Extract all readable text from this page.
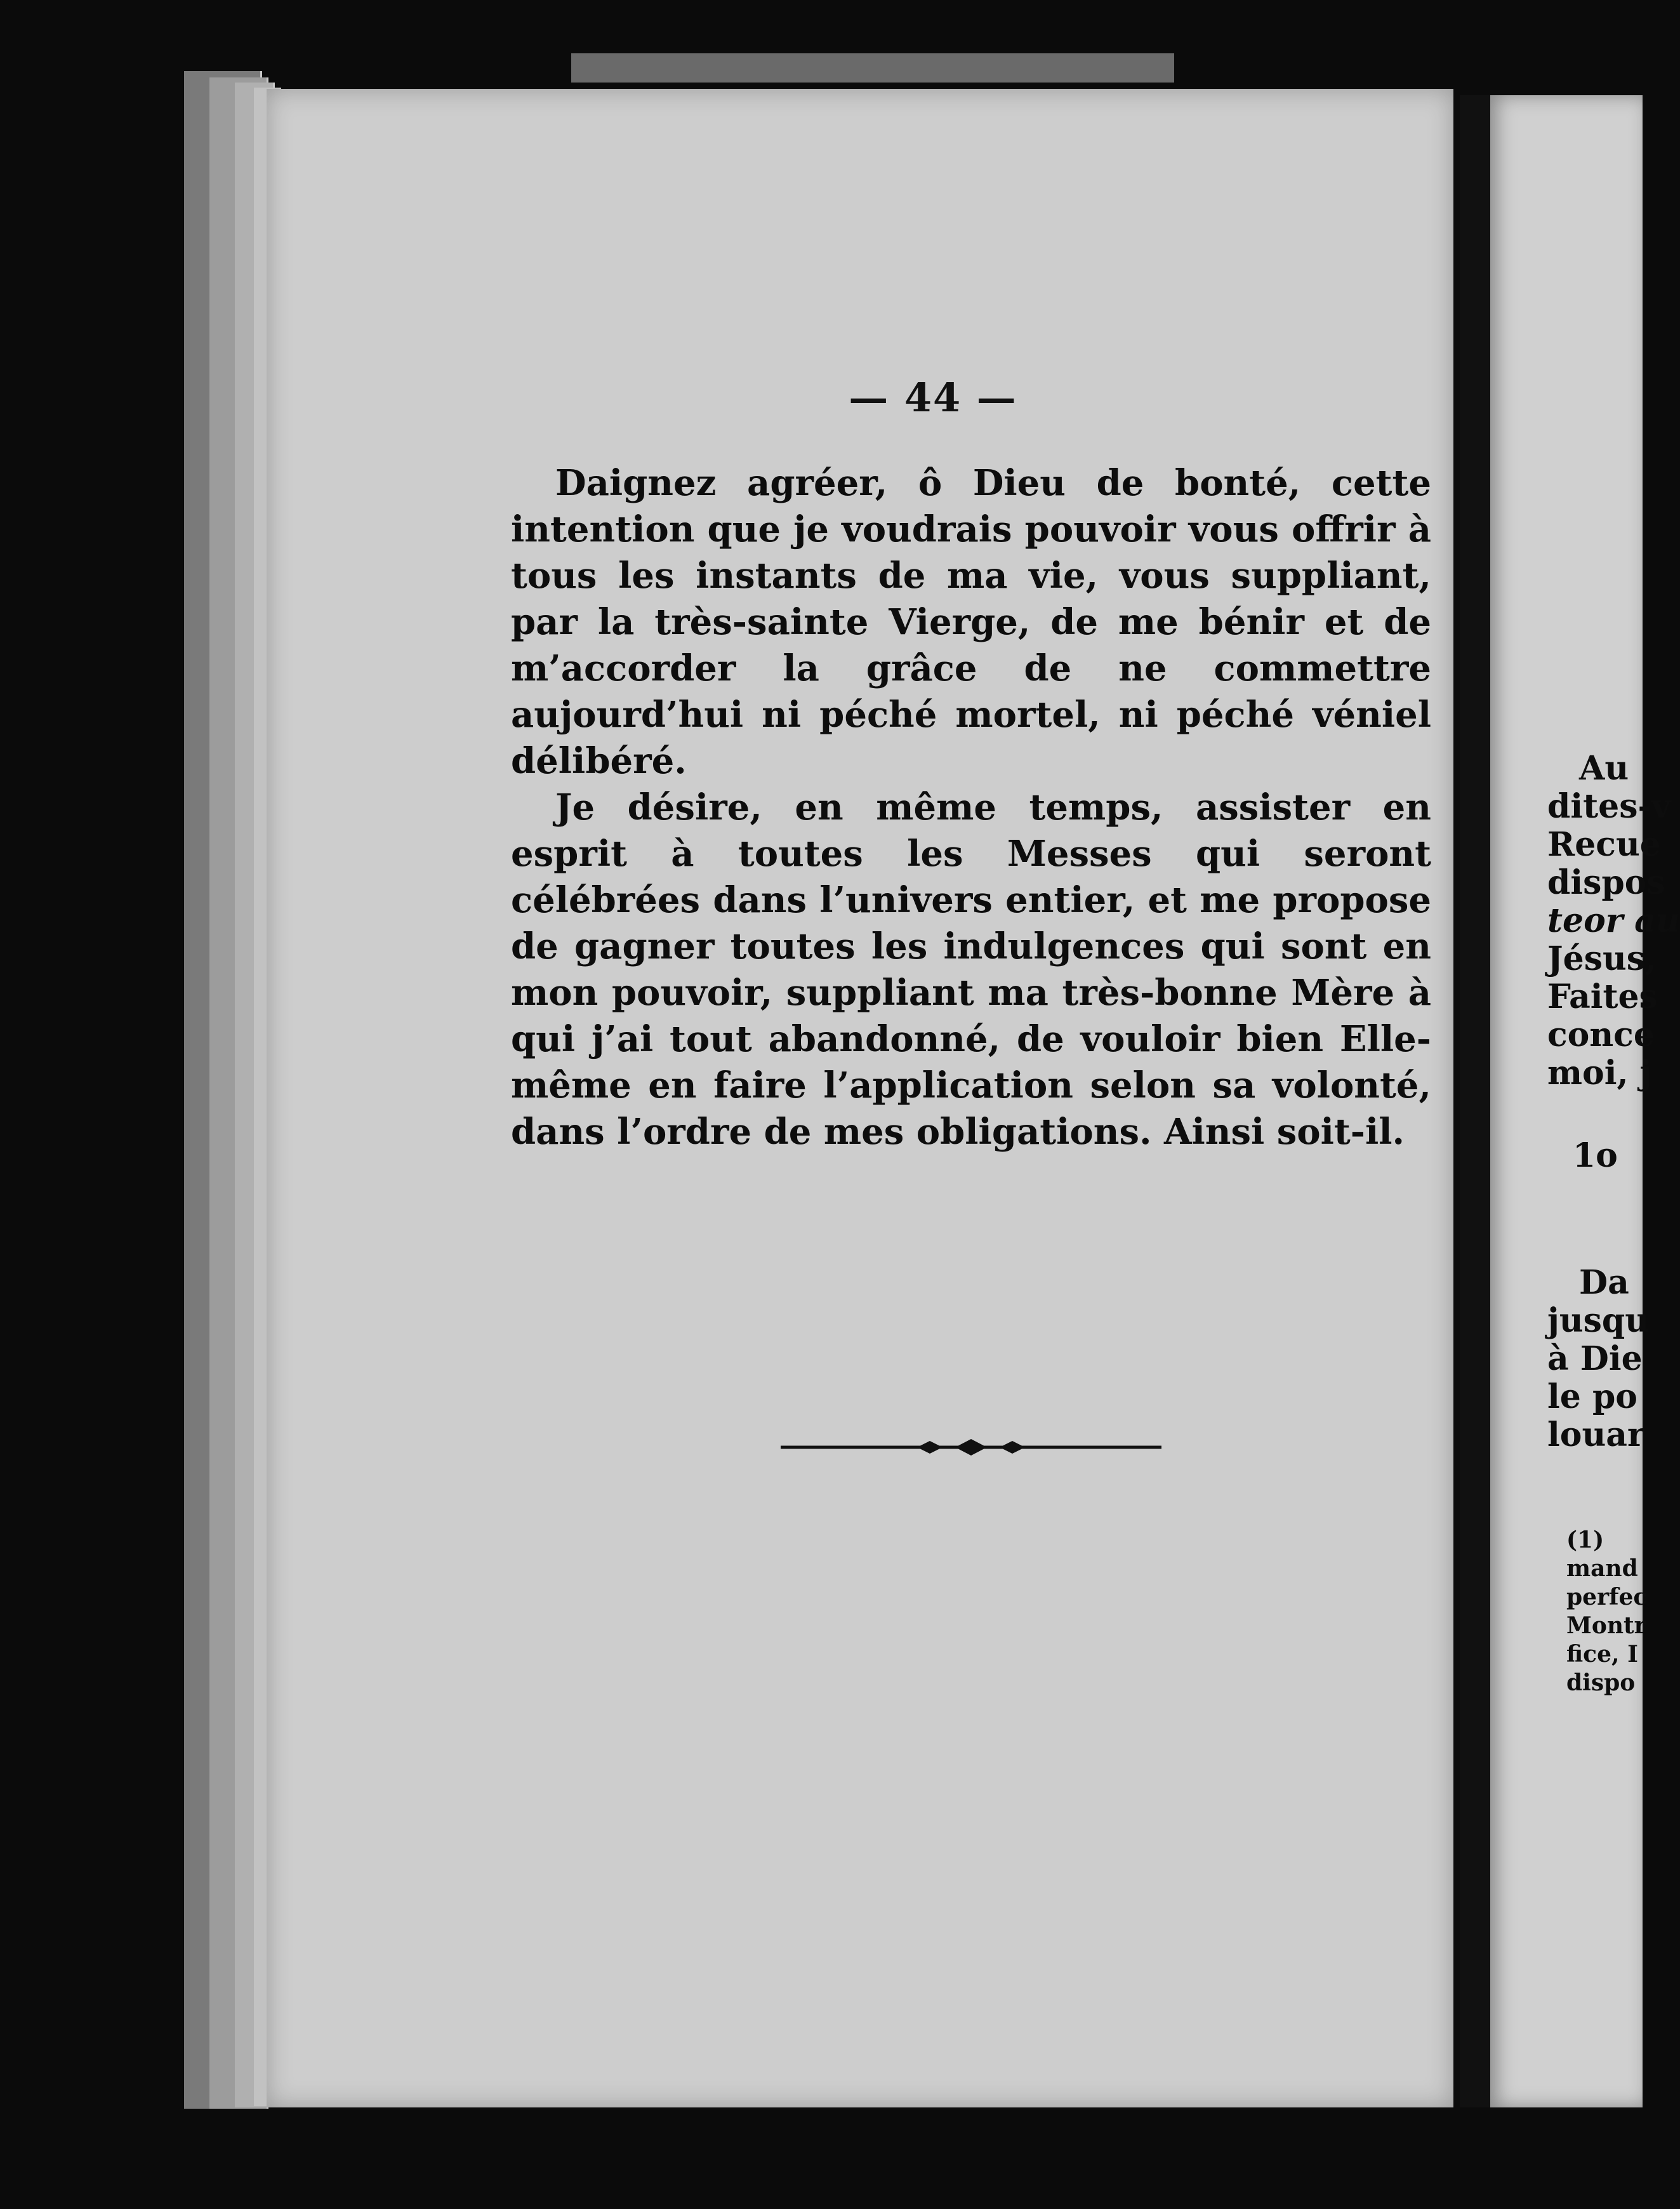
— 44 —

Daignez agréer, ô Dieu de bonté, cette intention que je voudrais pouvoir vous offrir à tous les instants de ma vie, vous suppliant, par la très-sainte Vierge, de me bénir et de m’accorder la grâce de ne commettre aujourd’hui ni péché mortel, ni péché véniel délibéré.

Je désire, en même temps, assister en esprit à toutes les Messes qui seront célébrées dans l’univers entier, et me propose de gagner toutes les indulgences qui sont en mon pouvoir, suppliant ma très-bonne Mère à qui j’ai tout abandonné, de vouloir bien Elle-même en faire l’application selon sa volonté, dans l’ordre de mes obligations. Ainsi soit-il.

Au
dites-v
Recue
dispos
teor au
Jésus,
Faites
conce
moi, j
1o
Da
jusqu
à Die
le po
louar
(1)
mand
perfec
Montr
fice, I
dispo
